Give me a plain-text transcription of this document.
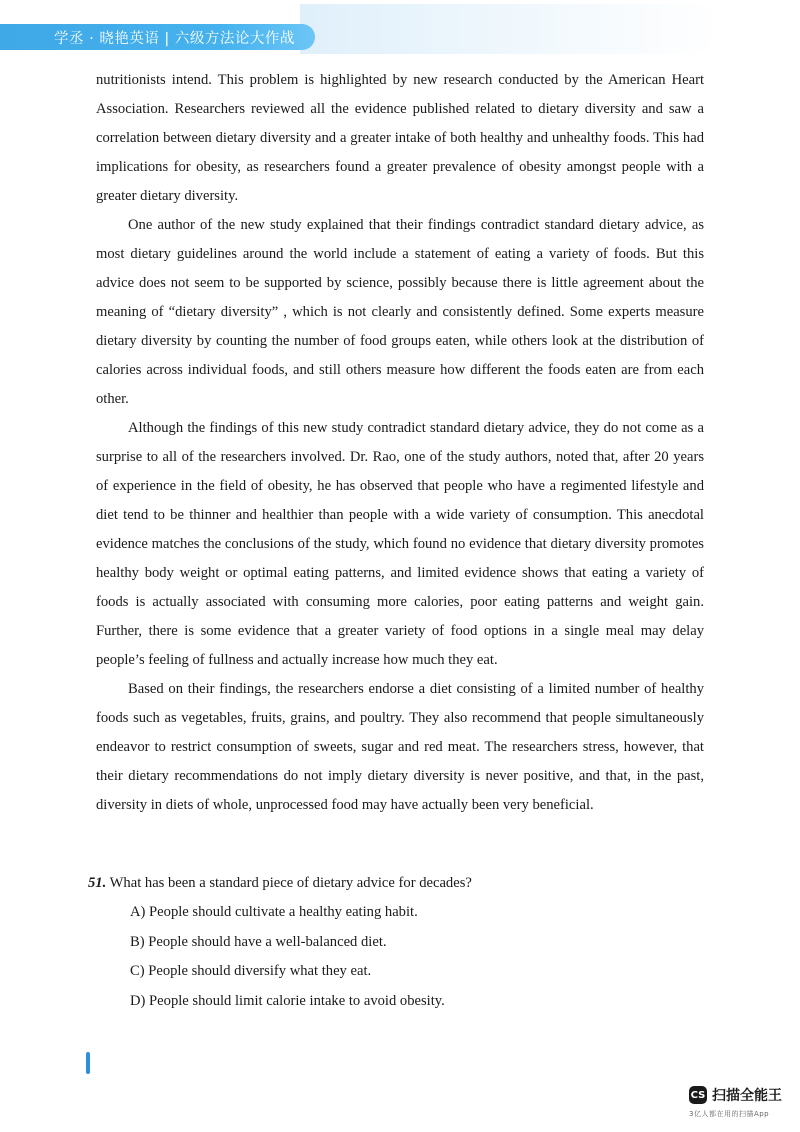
学丞 · 晓艳英语 | 六级方法论大作战

nutritionists intend. This problem is highlighted by new research conducted by the American Heart Association. Researchers reviewed all the evidence published related to dietary diversity and saw a correlation between dietary diversity and a greater intake of both healthy and unhealthy foods. This had implications for obesity, as researchers found a greater prevalence of obesity amongst people with a greater dietary diversity.

One author of the new study explained that their findings contradict standard dietary advice, as most dietary guidelines around the world include a statement of eating a variety of foods. But this advice does not seem to be supported by science, possibly because there is little agreement about the meaning of “dietary diversity” , which is not clearly and consistently defined. Some experts measure dietary diversity by counting the number of food groups eaten, while others look at the distribution of calories across individual foods, and still others measure how different the foods eaten are from each other.

Although the findings of this new study contradict standard dietary advice, they do not come as a surprise to all of the researchers involved. Dr. Rao, one of the study authors, noted that, after 20 years of experience in the field of obesity, he has observed that people who have a regimented lifestyle and diet tend to be thinner and healthier than people with a wide variety of consumption. This anecdotal evidence matches the conclusions of the study, which found no evidence that dietary diversity promotes healthy body weight or optimal eating patterns, and limited evidence shows that eating a variety of foods is actually associated with consuming more calories, poor eating patterns and weight gain. Further, there is some evidence that a greater variety of food options in a single meal may delay people’s feeling of fullness and actually increase how much they eat.

Based on their findings, the researchers endorse a diet consisting of a limited number of healthy foods such as vegetables, fruits, grains, and poultry. They also recommend that people simultaneously endeavor to restrict consumption of sweets, sugar and red meat. The researchers stress, however, that their dietary recommendations do not imply dietary diversity is never positive, and that, in the past, diversity in diets of whole, unprocessed food may have actually been very beneficial.

51. What has been a standard piece of dietary advice for decades?

A) People should cultivate a healthy eating habit.

B) People should have a well-balanced diet.

C) People should diversify what they eat.

D) People should limit calorie intake to avoid obesity.

CS 扫描全能王
3亿人都在用的扫描App
